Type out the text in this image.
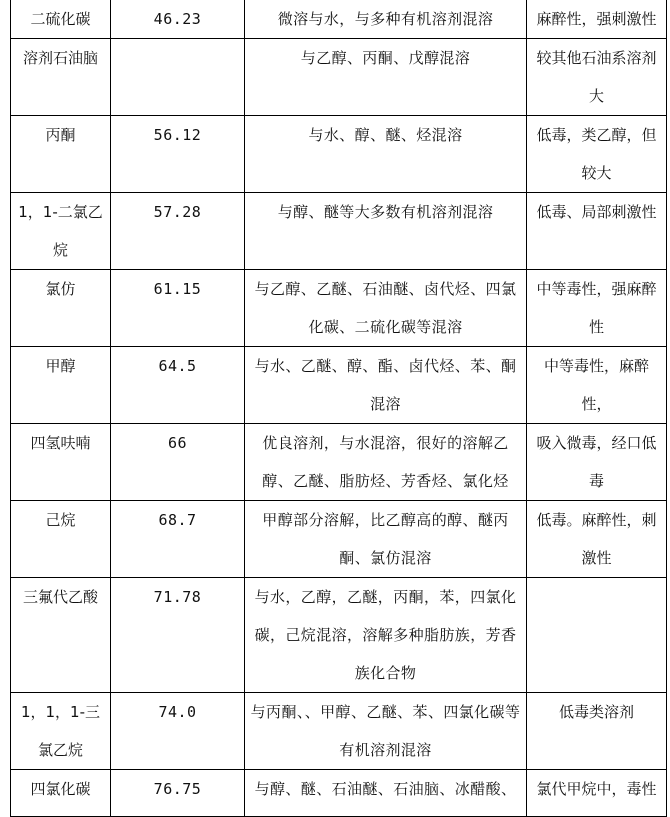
二硫化碳	46.23	微溶与水，与多种有机溶剂混溶	麻醉性，强刺激性
溶剂石油脑		与乙醇、丙酮、戊醇混溶	较其他石油系溶剂大
丙酮	56.12	与水、醇、醚、烃混溶	低毒，类乙醇，但较大
1，1-二氯乙烷	57.28	与醇、醚等大多数有机溶剂混溶	低毒、局部刺激性
氯仿	61.15	与乙醇、乙醚、石油醚、卤代烃、四氯化碳、二硫化碳等混溶	中等毒性，强麻醉性
甲醇	64.5	与水、乙醚、醇、酯、卤代烃、苯、酮混溶	中等毒性，麻醉性，
四氢呋喃	66	优良溶剂，与水混溶，很好的溶解乙醇、乙醚、脂肪烃、芳香烃、氯化烃	吸入微毒，经口低毒
己烷	68.7	甲醇部分溶解，比乙醇高的醇、醚丙酮、氯仿混溶	低毒。麻醉性，刺激性
三氟代乙酸	71.78	与水，乙醇，乙醚，丙酮，苯，四氯化碳，己烷混溶，溶解多种脂肪族，芳香族化合物	
1，1，1-三氯乙烷	74.0	与丙酮、、甲醇、乙醚、苯、四氯化碳等有机溶剂混溶	低毒类溶剂
四氯化碳	76.75	与醇、醚、石油醚、石油脑、冰醋酸、	氯代甲烷中，毒性
